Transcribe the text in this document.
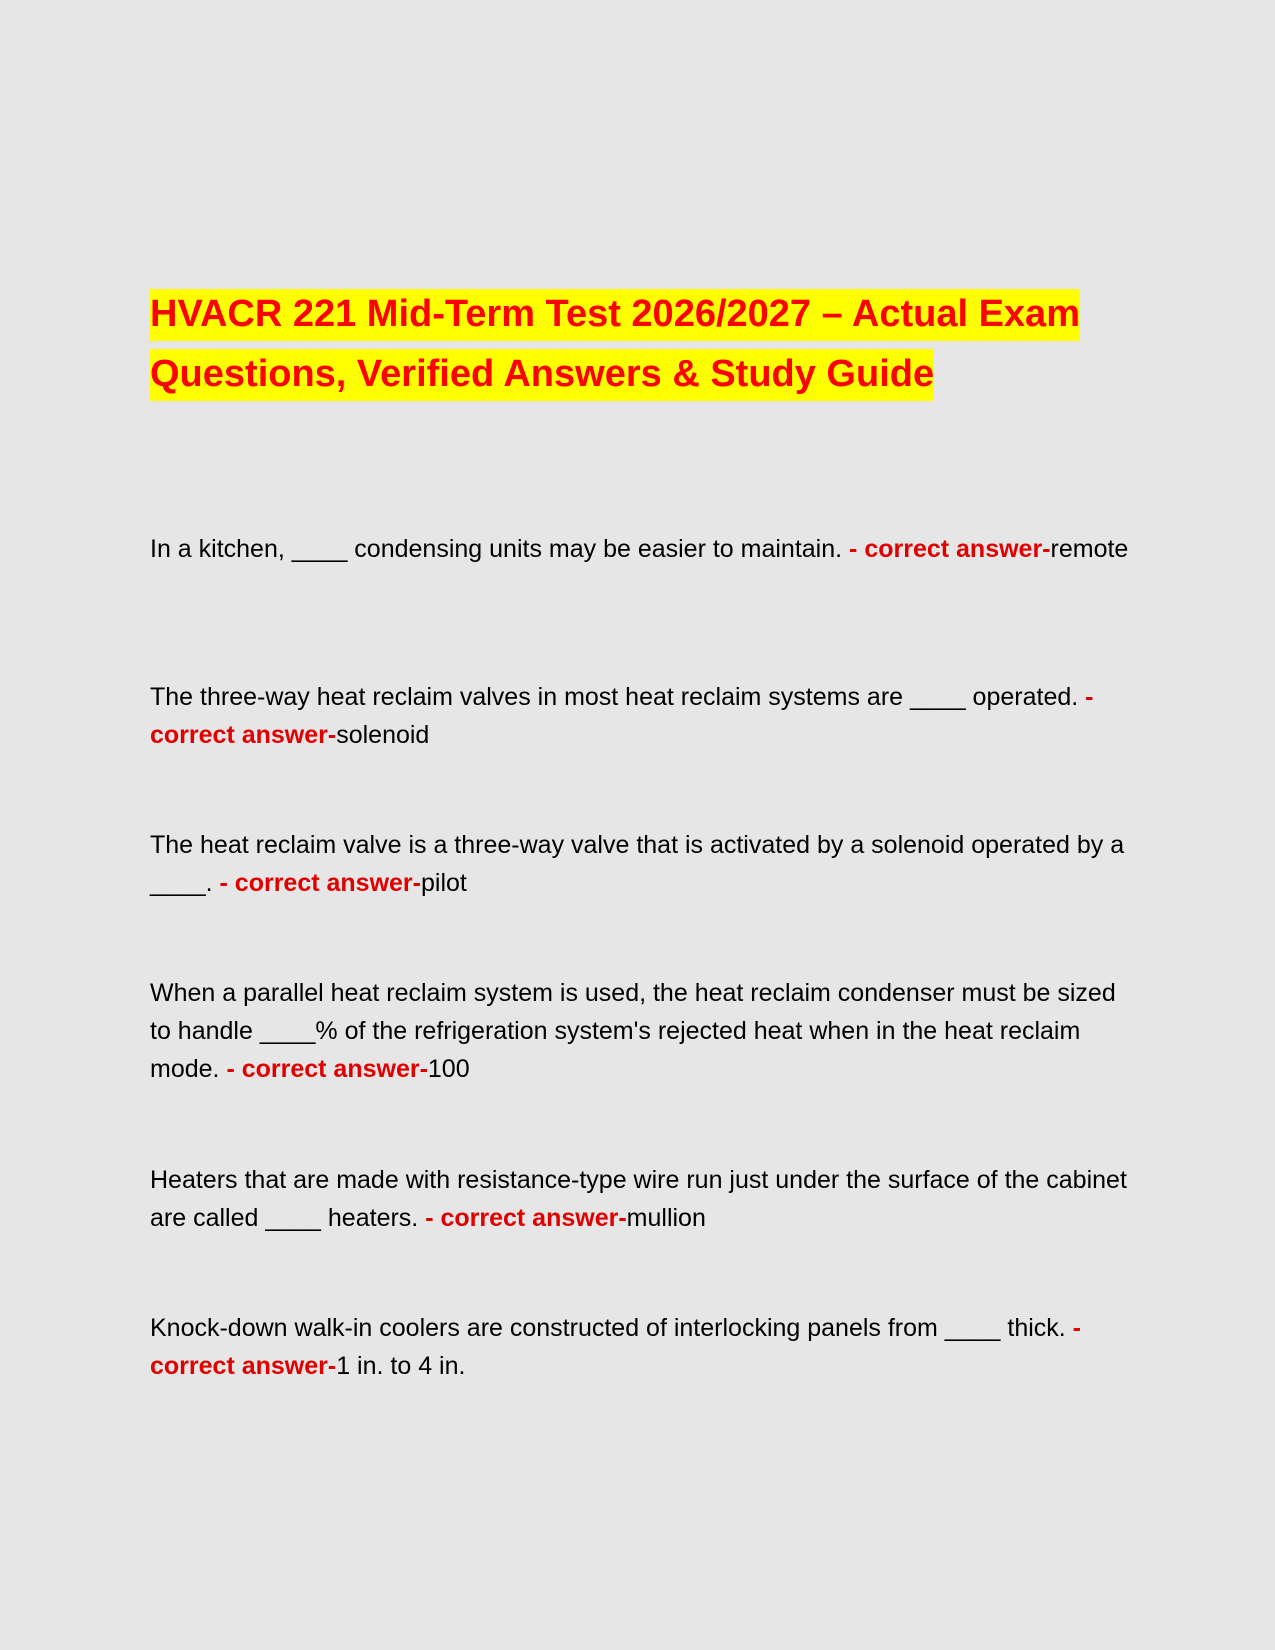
HVACR 221 Mid-Term Test 2026/2027 – Actual Exam Questions, Verified Answers & Study Guide

In a kitchen, ____ condensing units may be easier to maintain. - correct answer-remote

The three-way heat reclaim valves in most heat reclaim systems are ____ operated. - correct answer-solenoid

The heat reclaim valve is a three-way valve that is activated by a solenoid operated by a ____. - correct answer-pilot

When a parallel heat reclaim system is used, the heat reclaim condenser must be sized to handle ____% of the refrigeration system's rejected heat when in the heat reclaim mode. - correct answer-100

Heaters that are made with resistance-type wire run just under the surface of the cabinet are called ____ heaters. - correct answer-mullion

Knock-down walk-in coolers are constructed of interlocking panels from ____ thick. - correct answer-1 in. to 4 in.
